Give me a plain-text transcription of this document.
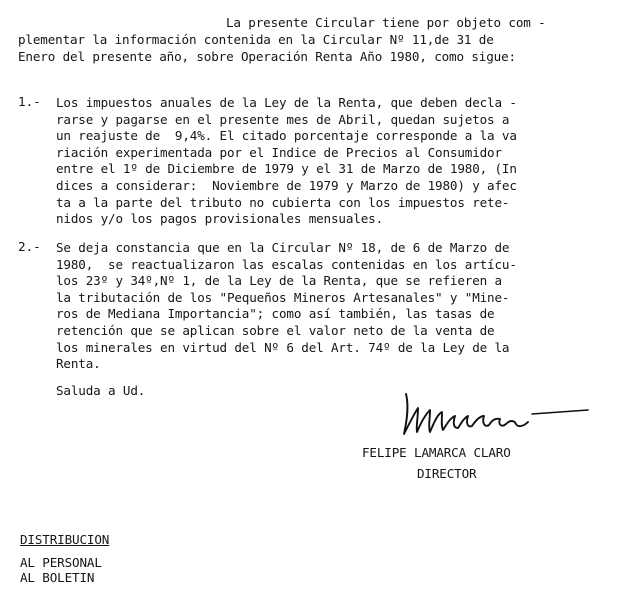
La presente Circular tiene por objeto com -
plementar la información contenida en la Circular Nº 11,de 31 de
Enero del presente año, sobre Operación Renta Año 1980, como sigue:
1.- Los impuestos anuales de la Ley de la Renta, que deben decla -
rarse y pagarse en el presente mes de Abril, quedan sujetos a
un reajuste de  9,4%. El citado porcentaje corresponde a la va
riación experimentada por el Indice de Precios al Consumidor
entre el 1º de Diciembre de 1979 y el 31 de Marzo de 1980, (In
dices a considerar:  Noviembre de 1979 y Marzo de 1980) y afec
ta a la parte del tributo no cubierta con los impuestos rete-
nidos y/o los pagos provisionales mensuales.
2.- Se deja constancia que en la Circular Nº 18, de 6 de Marzo de
1980,  se reactualizaron las escalas contenidas en los artícu-
los 23º y 34º,Nº 1, de la Ley de la Renta, que se refieren a
la tributación de los "Pequeños Mineros Artesanales" y "Mine-
ros de Mediana Importancia"; como así también, las tasas de
retención que se aplican sobre el valor neto de la venta de
los minerales en virtud del Nº 6 del Art. 74º de la Ley de la
Renta.
Saluda a Ud.
FELIPE LAMARCA CLARO
DIRECTOR
DISTRIBUCION
AL PERSONAL
AL BOLETIN
